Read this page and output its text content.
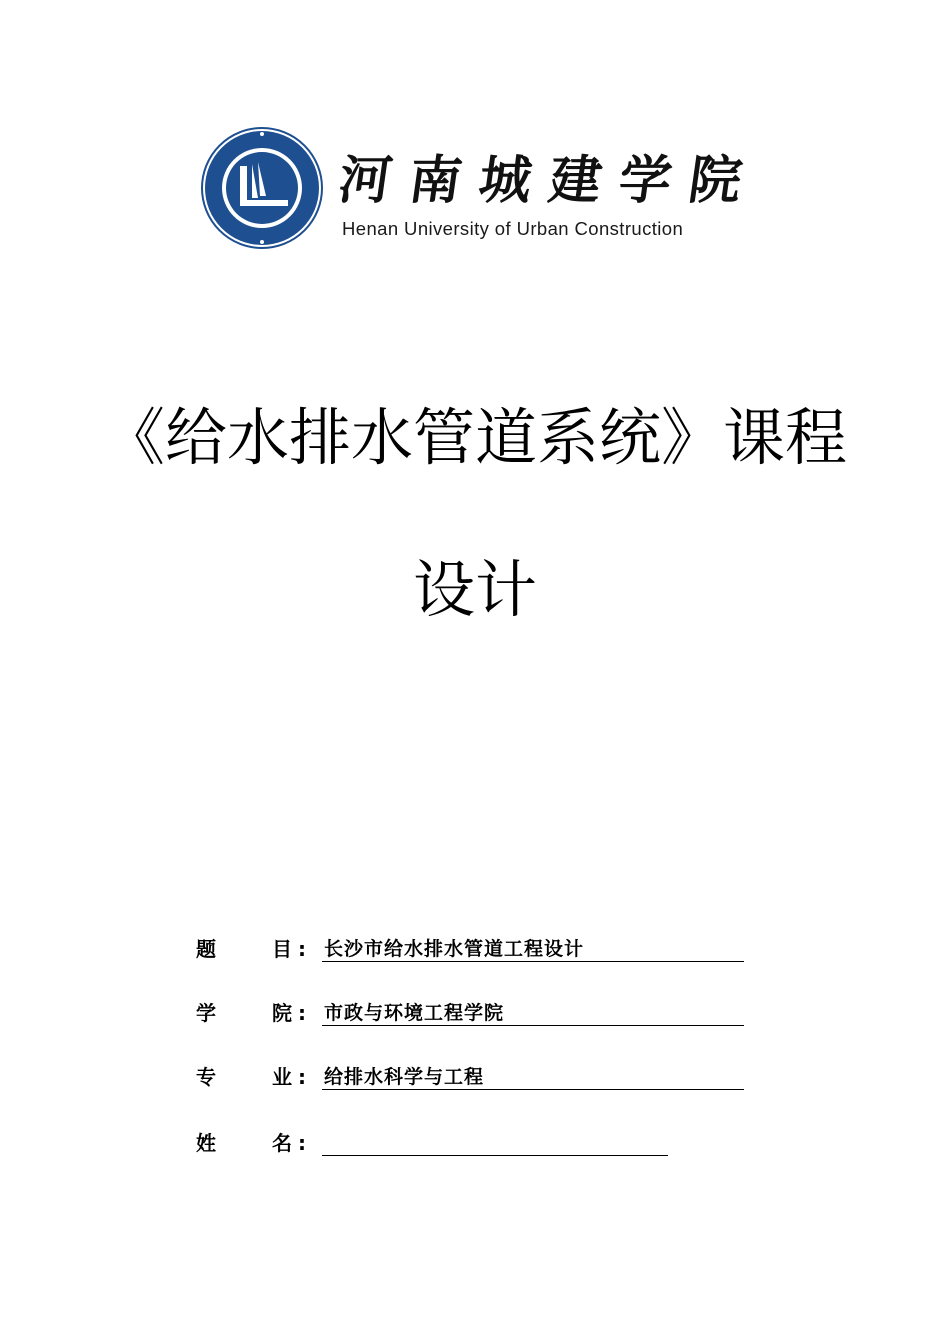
河南城建学院
Henan University of Urban Construction
《给水排水管道系统》课程
设计
题	目 : 长沙市给水排水管道工程设计
学	院 : 市政与环境工程学院
专	业 : 给排水科学与工程
姓	名 :
